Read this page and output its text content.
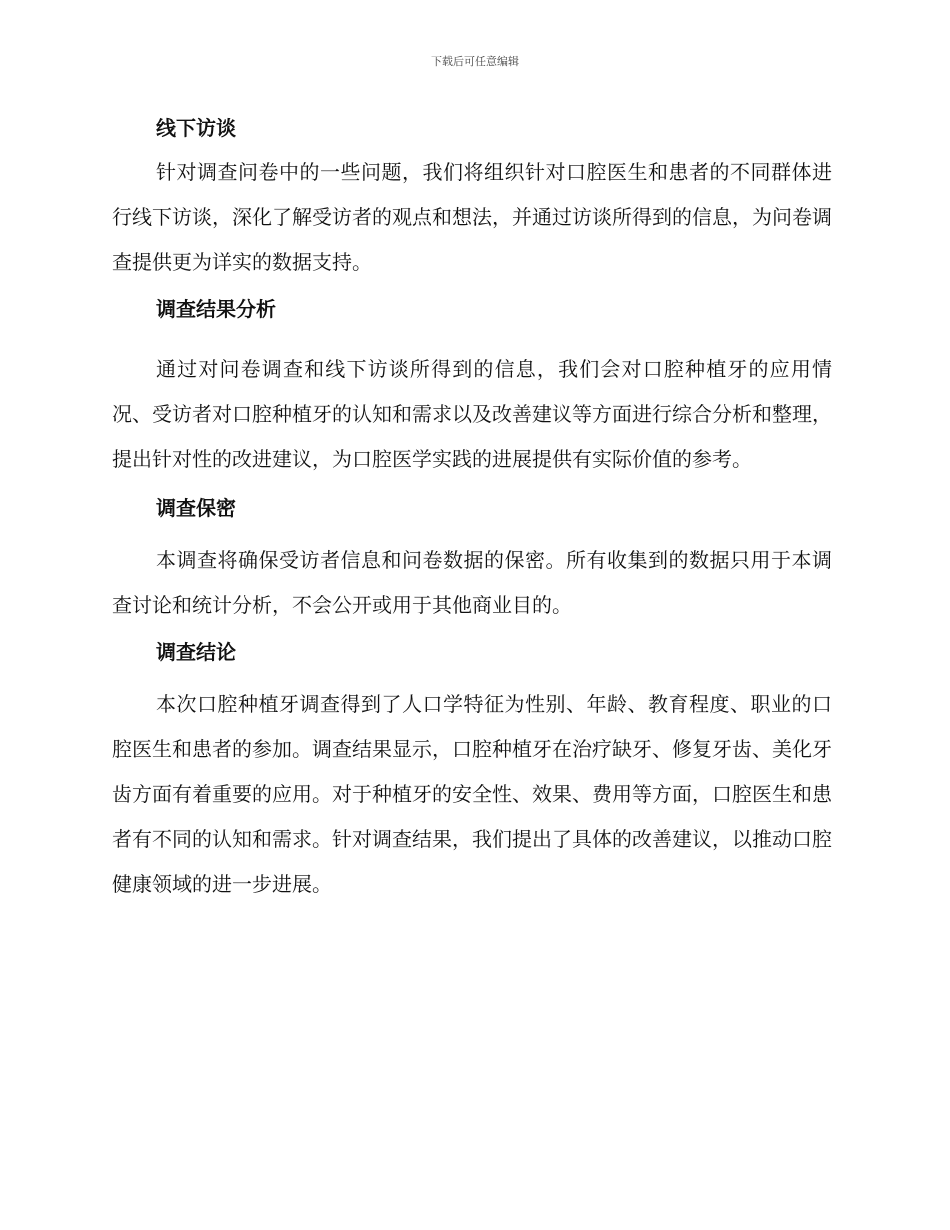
下载后可任意编辑
线下访谈

针对调查问卷中的一些问题，我们将组织针对口腔医生和患者的不同群体进行线下访谈，深化了解受访者的观点和想法，并通过访谈所得到的信息，为问卷调查提供更为详实的数据支持。

调查结果分析

通过对问卷调查和线下访谈所得到的信息，我们会对口腔种植牙的应用情况、受访者对口腔种植牙的认知和需求以及改善建议等方面进行综合分析和整理，提出针对性的改进建议，为口腔医学实践的进展提供有实际价值的参考。

调查保密

本调查将确保受访者信息和问卷数据的保密。所有收集到的数据只用于本调查讨论和统计分析，不会公开或用于其他商业目的。

调查结论

本次口腔种植牙调查得到了人口学特征为性别、年龄、教育程度、职业的口腔医生和患者的参加。调查结果显示，口腔种植牙在治疗缺牙、修复牙齿、美化牙齿方面有着重要的应用。对于种植牙的安全性、效果、费用等方面，口腔医生和患者有不同的认知和需求。针对调查结果，我们提出了具体的改善建议，以推动口腔健康领域的进一步进展。
